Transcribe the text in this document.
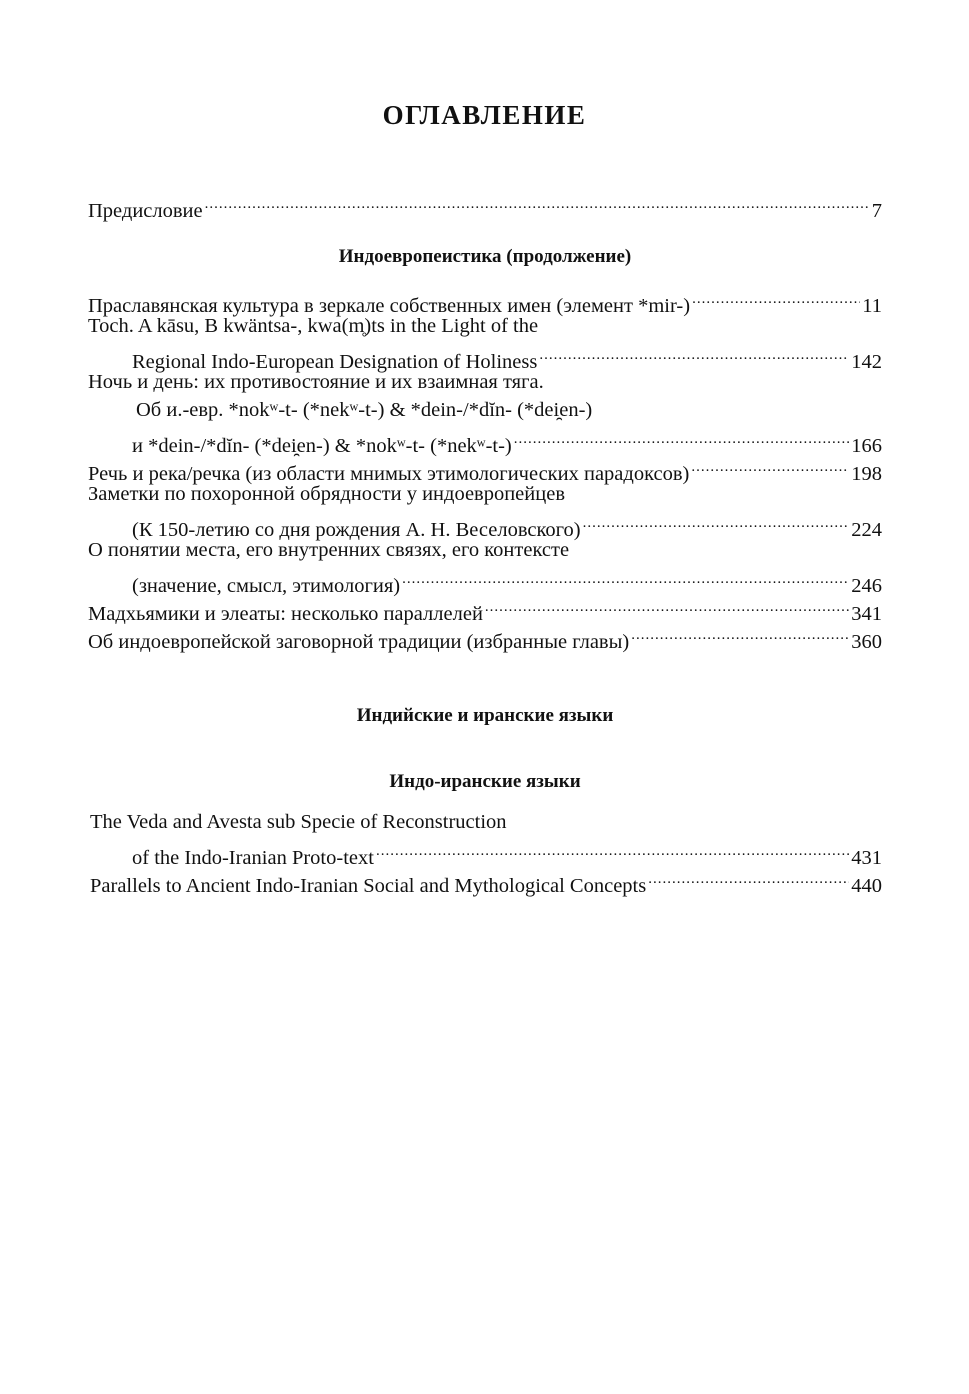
ОГЛАВЛЕНИЕ
Предисловие .....	7
Индоевропеистика (продолжение)
Праславянская культура в зеркале собственных имен (элемент *mir-) .....	11
Toch. A kāsu, B kwäntsa-, kwa(m̥)ts in the Light of the
Regional Indo-European Designation of Holiness .....	142
Ночь и день: их противостояние и их взаимная тяга.
Об и.-евр. *nokʷ-t- (*nekʷ-t-) & *dein-/*dĭn- (*dei̯en-)
и *dein-/*dĭn- (*dei̯en-) & *nokʷ-t- (*nekʷ-t-) .....	166
Речь и река/речка (из области мнимых этимологических парадоксов) .....	198
Заметки по похоронной обрядности у индоевропейцев
(К 150-летию со дня рождения А. Н. Веселовского) .....	224
О понятии места, его внутренних связях, его контексте
(значение, смысл, этимология) .....	246
Мадхьямики и элеаты: несколько параллелей .....	341
Об индоевропейской заговорной традиции (избранные главы) .....	360
Индийские и иранские языки
Индо-иранские языки
The Veda and Avesta sub Specie of Reconstruction
of the Indo-Iranian Proto-text .....	431
Parallels to Ancient Indo-Iranian Social and Mythological Concepts .....	440
